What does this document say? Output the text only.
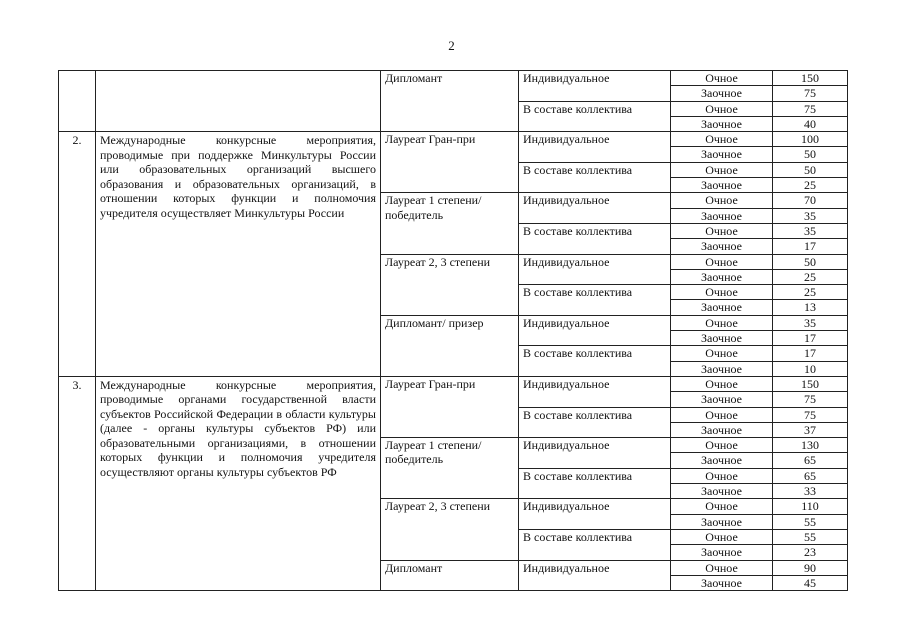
2
		Дипломант	Индивидуальное	Очное	150
				Заочное	75
			В составе коллектива	Очное	75
				Заочное	40
2.	Международные конкурсные мероприятия, проводимые при поддержке Минкультуры России или образовательных организаций высшего образования и образовательных организаций, в отношении которых функции и полномочия учредителя осуществляет Минкультуры России	Лауреат Гран-при	Индивидуальное	Очное	100
				Заочное	50
			В составе коллектива	Очное	50
				Заочное	25
		Лауреат 1 степени/ победитель	Индивидуальное	Очное	70
				Заочное	35
			В составе коллектива	Очное	35
				Заочное	17
		Лауреат 2, 3 степени	Индивидуальное	Очное	50
				Заочное	25
			В составе коллектива	Очное	25
				Заочное	13
		Дипломант/ призер	Индивидуальное	Очное	35
				Заочное	17
			В составе коллектива	Очное	17
				Заочное	10
3.	Международные конкурсные мероприятия, проводимые органами государственной власти субъектов Российской Федерации в области культуры (далее - органы культуры субъектов РФ) или образовательными организациями, в отношении которых функции и полномочия учредителя осуществляют органы культуры субъектов РФ	Лауреат Гран-при	Индивидуальное	Очное	150
				Заочное	75
			В составе коллектива	Очное	75
				Заочное	37
		Лауреат 1 степени/ победитель	Индивидуальное	Очное	130
				Заочное	65
			В составе коллектива	Очное	65
				Заочное	33
		Лауреат 2, 3 степени	Индивидуальное	Очное	110
				Заочное	55
			В составе коллектива	Очное	55
				Заочное	23
		Дипломант	Индивидуальное	Очное	90
				Заочное	45
